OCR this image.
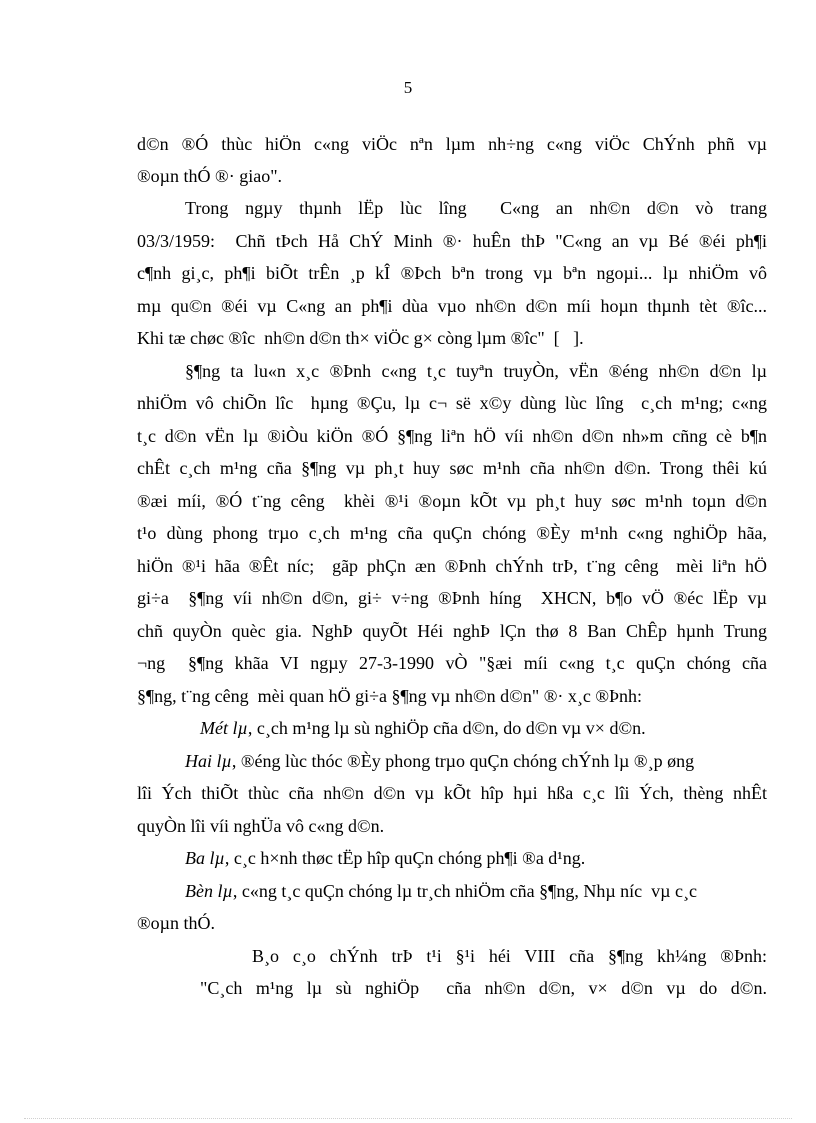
5
d©n ®Ó thùc hiÖn c«ng viÖc nªn lµm nh÷ng c«ng viÖc ChÝnh phñ vµ
®oµn thÓ ®· giao".
Trong ngµy thµnh lËp lùc lîng  C«ng an nh©n d©n vò trang
03/3/1959:  Chñ tÞch Hå ChÝ Minh ®· huÊn thÞ "C«ng an vµ Bé ®éi ph¶i
c¶nh gi¸c, ph¶i biÕt trÊn ¸p kÎ ®Þch bªn trong vµ bªn ngoµi... lµ nhiÖm vô
mµ qu©n ®éi vµ C«ng an ph¶i dùa vµo nh©n d©n míi hoµn thµnh tèt ®îc...
Khi tæ chøc ®îc  nh©n d©n th× viÖc g× còng lµm ®îc"  [   ].
§¶ng ta lu«n x¸c ®Þnh c«ng t¸c tuyªn truyÒn, vËn ®éng nh©n d©n lµ
nhiÖm vô chiÕn lîc  hµng ®Çu, lµ c¬ së x©y dùng lùc lîng  c¸ch m¹ng; c«ng
t¸c d©n vËn lµ ®iÒu kiÖn ®Ó §¶ng liªn hÖ víi nh©n d©n nh»m cñng cè b¶n
chÊt c¸ch m¹ng cña §¶ng vµ ph¸t huy søc m¹nh cña nh©n d©n. Trong thêi kú
®æi míi, ®Ó t¨ng cêng  khèi ®¹i ®oµn kÕt vµ ph¸t huy søc m¹nh toµn d©n
t¹o dùng phong trµo c¸ch m¹ng cña quÇn chóng ®Èy m¹nh c«ng nghiÖp hãa,
hiÖn ®¹i hãa ®Êt níc;  gãp phÇn æn ®Þnh chÝnh trÞ, t¨ng cêng  mèi liªn hÖ
gi÷a  §¶ng víi nh©n d©n, gi÷ v÷ng ®Þnh híng  XHCN, b¶o vÖ ®éc lËp vµ
chñ quyÒn quèc gia. NghÞ quyÕt Héi nghÞ lÇn thø 8 Ban ChÊp hµnh Trung
¬ng  §¶ng khãa VI ngµy 27-3-1990 vÒ "§æi míi c«ng t¸c quÇn chóng cña
§¶ng, t¨ng cêng  mèi quan hÖ gi÷a §¶ng vµ nh©n d©n" ®· x¸c ®Þnh:
Mét lµ, c¸ch m¹ng lµ sù nghiÖp cña d©n, do d©n vµ v× d©n.
Hai lµ, ®éng lùc thóc ®Èy phong trµo quÇn chóng chÝnh lµ ®¸p øng
lîi Ých thiÕt thùc cña nh©n d©n vµ kÕt hîp hµi hßa c¸c lîi Ých, thèng nhÊt
quyÒn lîi víi nghÜa vô c«ng d©n.
Ba lµ, c¸c h×nh thøc tËp hîp quÇn chóng ph¶i ®a d¹ng.
Bèn lµ, c«ng t¸c quÇn chóng lµ tr¸ch nhiÖm cña §¶ng, Nhµ níc  vµ c¸c
®oµn thÓ.
B¸o c¸o chÝnh trÞ t¹i §¹i héi VIII cña §¶ng kh¼ng ®Þnh:
"C¸ch m¹ng lµ sù nghiÖp  cña nh©n d©n, v× d©n vµ do d©n.
